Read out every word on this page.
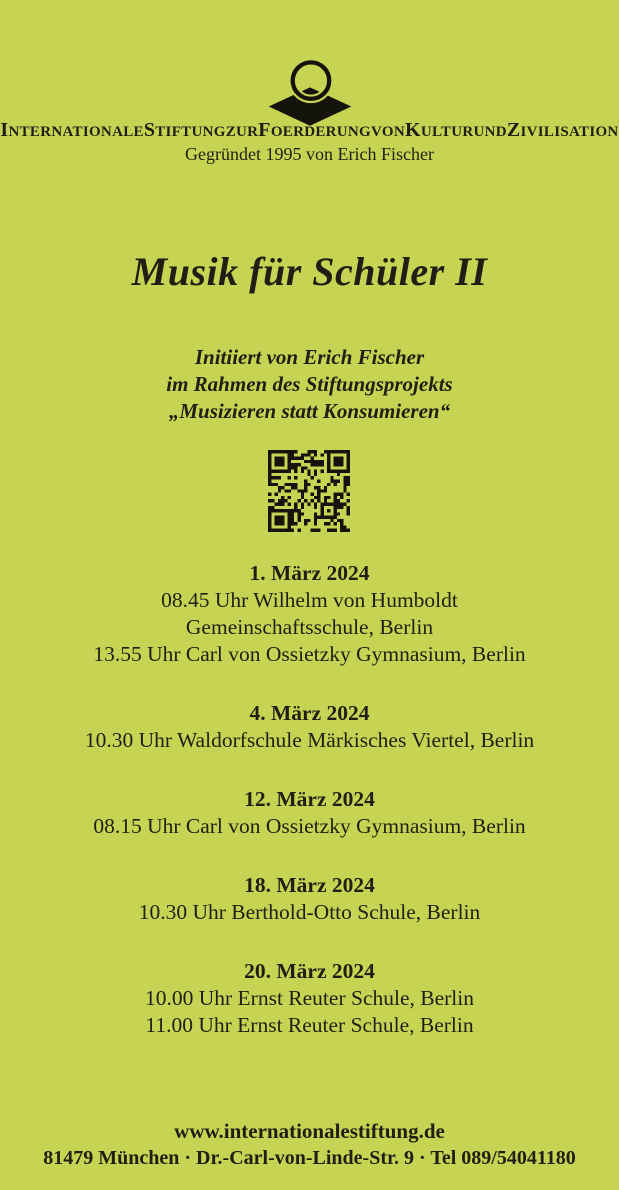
INTERNATIONALESTIFTUNGZURFOERDERUNGVONKULTURUNDZIVILISATION
Gegründet 1995 von Erich Fischer
Musik für Schüler II
Initiiert von Erich Fischer
im Rahmen des Stiftungsprojekts
„Musizieren statt Konsumieren“
1. März 2024
08.45 Uhr Wilhelm von Humboldt
Gemeinschaftsschule, Berlin
13.55 Uhr Carl von Ossietzky Gymnasium, Berlin
4. März 2024
10.30 Uhr Waldorfschule Märkisches Viertel, Berlin
12. März 2024
08.15 Uhr Carl von Ossietzky Gymnasium, Berlin
18. März 2024
10.30 Uhr Berthold-Otto Schule, Berlin
20. März 2024
10.00 Uhr Ernst Reuter Schule, Berlin
11.00 Uhr Ernst Reuter Schule, Berlin
www.internationalestiftung.de
81479 München · Dr.-Carl-von-Linde-Str. 9 · Tel 089/54041180
